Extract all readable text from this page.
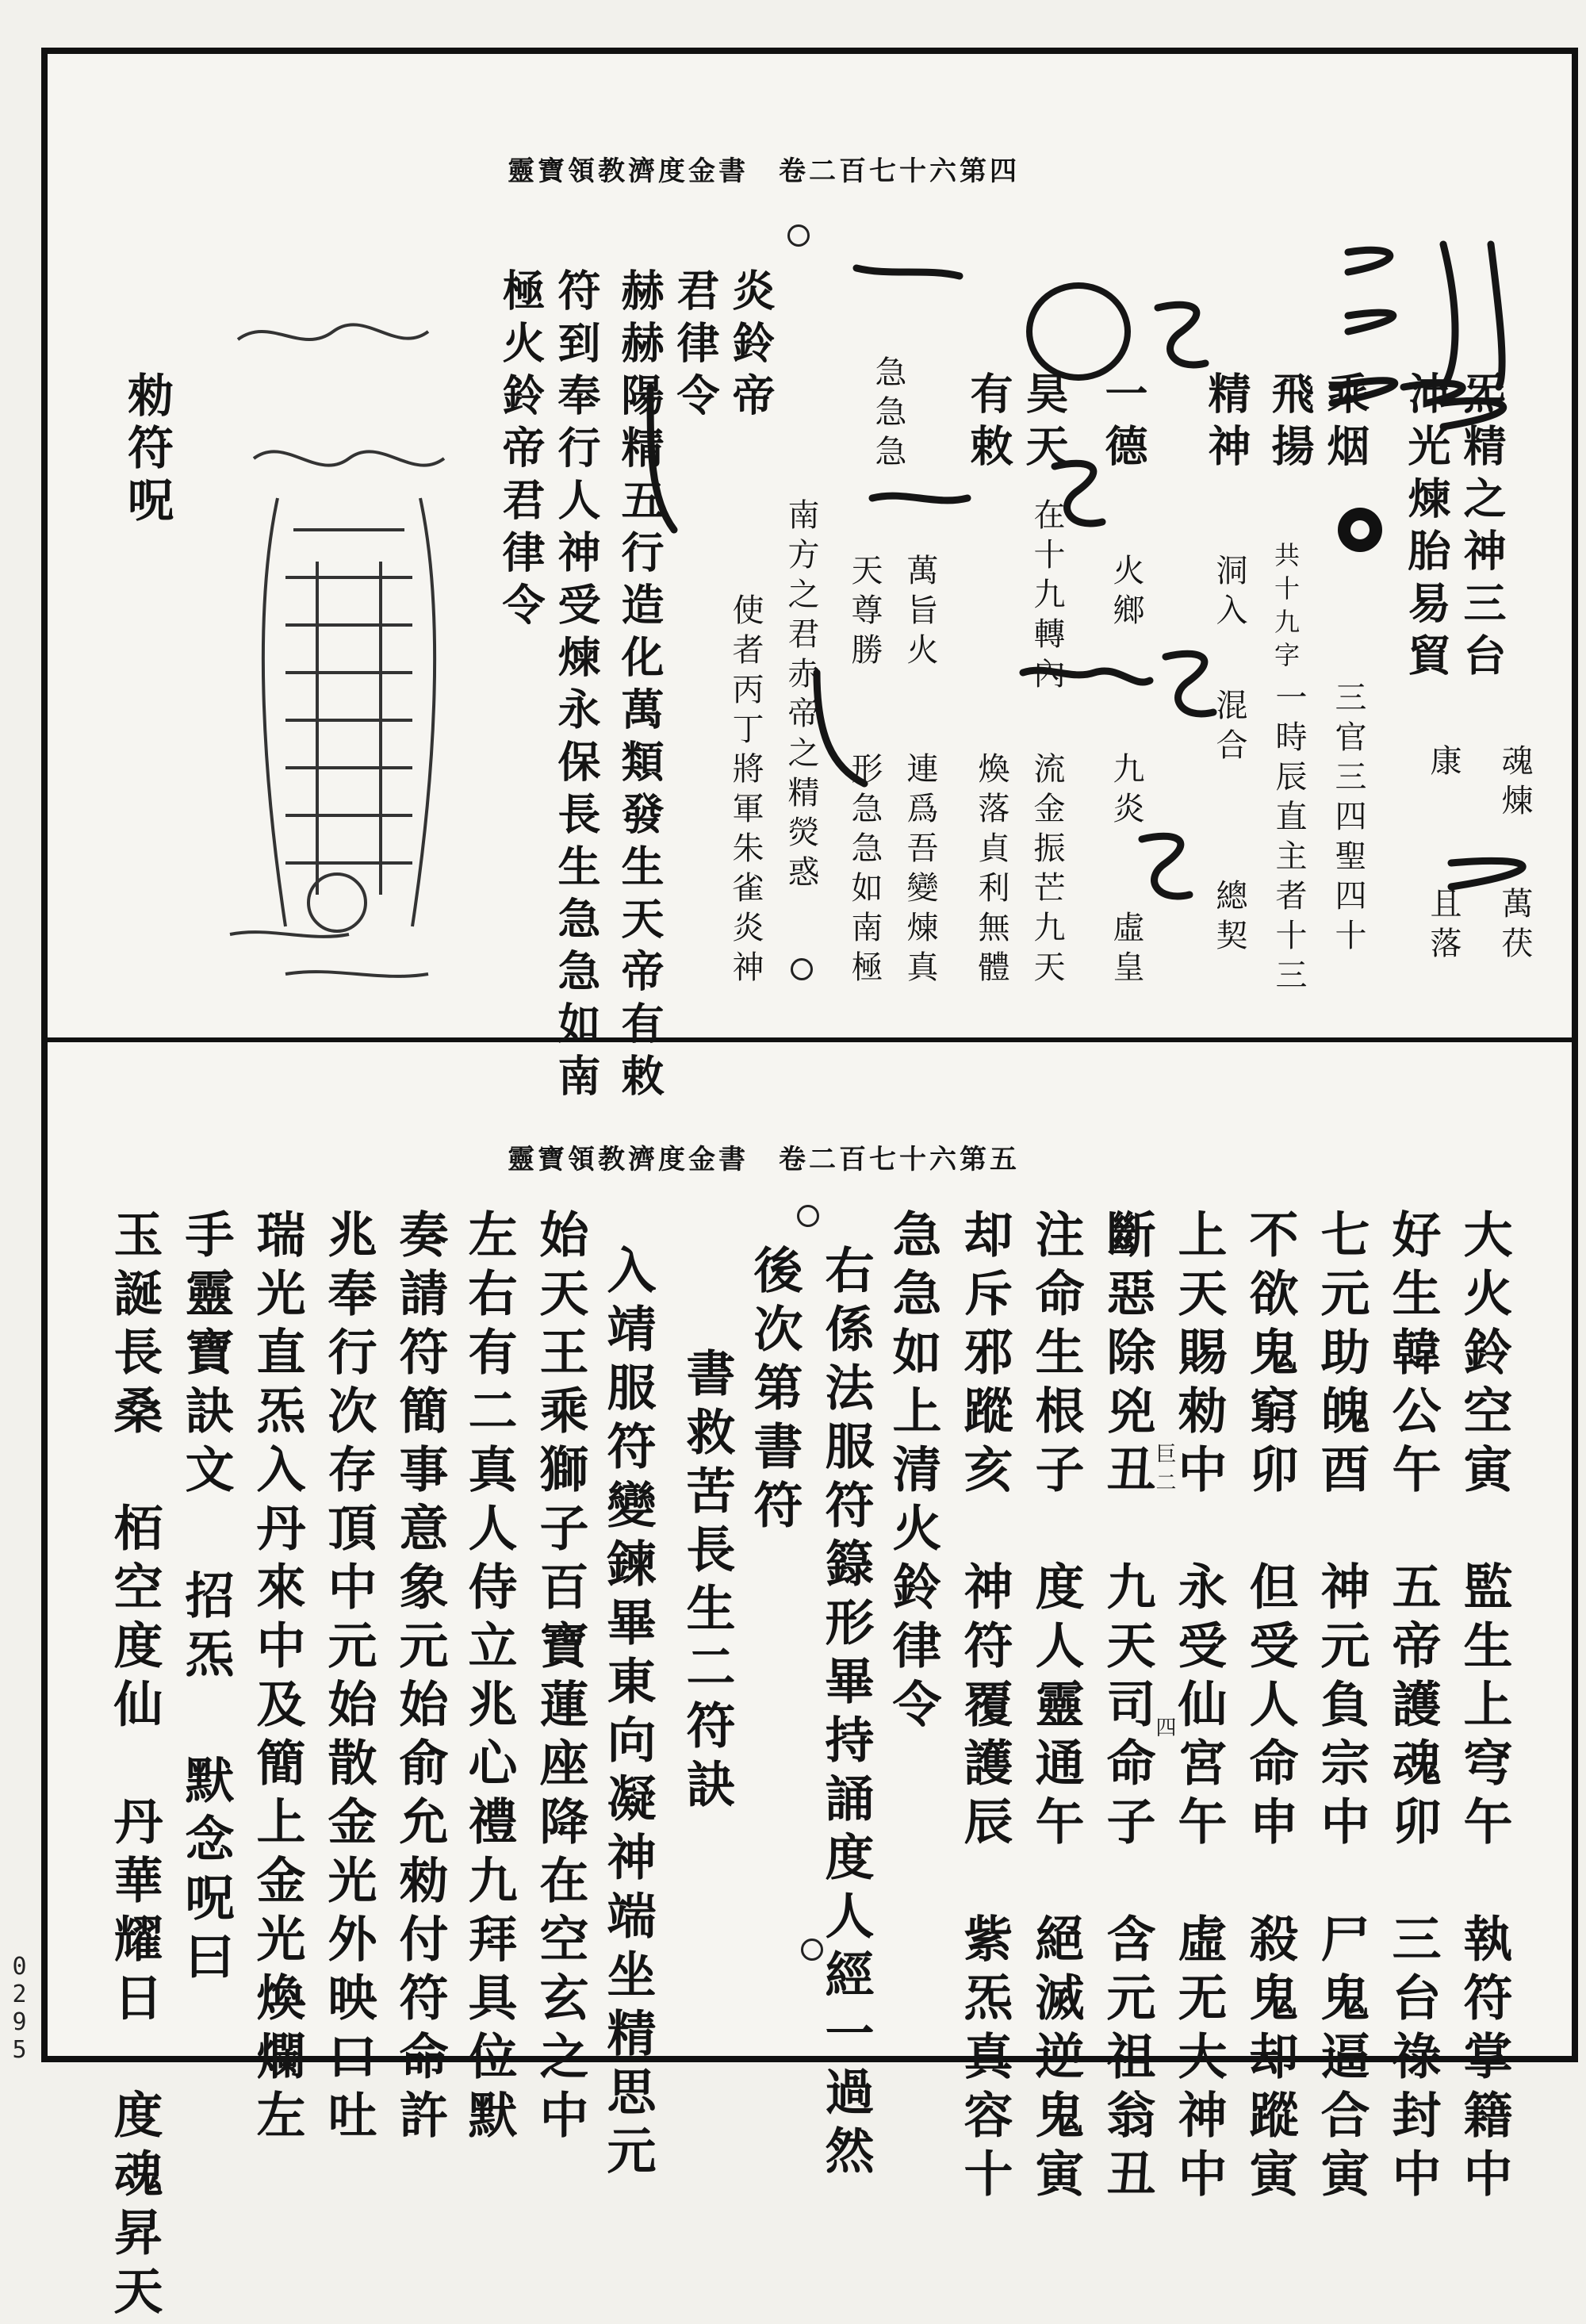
0295
靈寶領教濟度金書　卷二百七十六第四
炁精之神三台
沛光煉胎易貿
乘烟
飛揚
精神
一德
昊天
有敕
急急急
炎鈴帝
君律令
赫赫陽精五行造化萬類發生天帝有敕
符到奉行人神受煉永保長生急急如南
極火鈴帝君律令
魂煉
康
萬茯
且落
洞入
混合
總契	三官三四聖四十
一時辰直主者十三
共十九字
火鄉
九炎
流金振芒九天 虛皇
在十九轉內
煥落貞利無體
萬旨火
連爲吾變煉真
天尊勝
形急急如南極
南方之君赤帝之精熒惑
使者丙丁將軍朱雀炎神
勑符呪
靈寶領教濟度金書　卷二百七十六第五
大火鈴空寅　監生上穹午　執符掌籍中
好生韓公午　五帝護魂卯　三台祿封中
七元助魄酉　神元負宗中　尸鬼逼合寅
不欲鬼窮卯　但受人命申　殺鬼却蹤寅
上天賜勑中　永受仙宮午　虛无大神中
斷惡除兇丑　九天司命子　含元祖翁丑
注命生根子　度人靈通午　絕滅逆鬼寅
却斥邪蹤亥　神符覆護辰　紫炁真容十
急急如上清火鈴律令
右係法服符籙形畢持誦度人經一過然
後次第書符
書救苦長生二符訣
入靖服符變鍊畢東向凝神端坐精思元
始天王乘獅子百寶蓮座降在空玄之中
左右有二真人侍立兆心禮九拜具位默
奏請符簡事意象元始俞允勑付符命許
兆奉行次存頂中元始散金光外映口吐
瑞光直炁入丹來中及簡上金光煥爛左
手靈寶訣文 招炁 默念呪曰
玉誕長桑　栢空度仙　丹華耀日　度魂昇天	巨二
四
